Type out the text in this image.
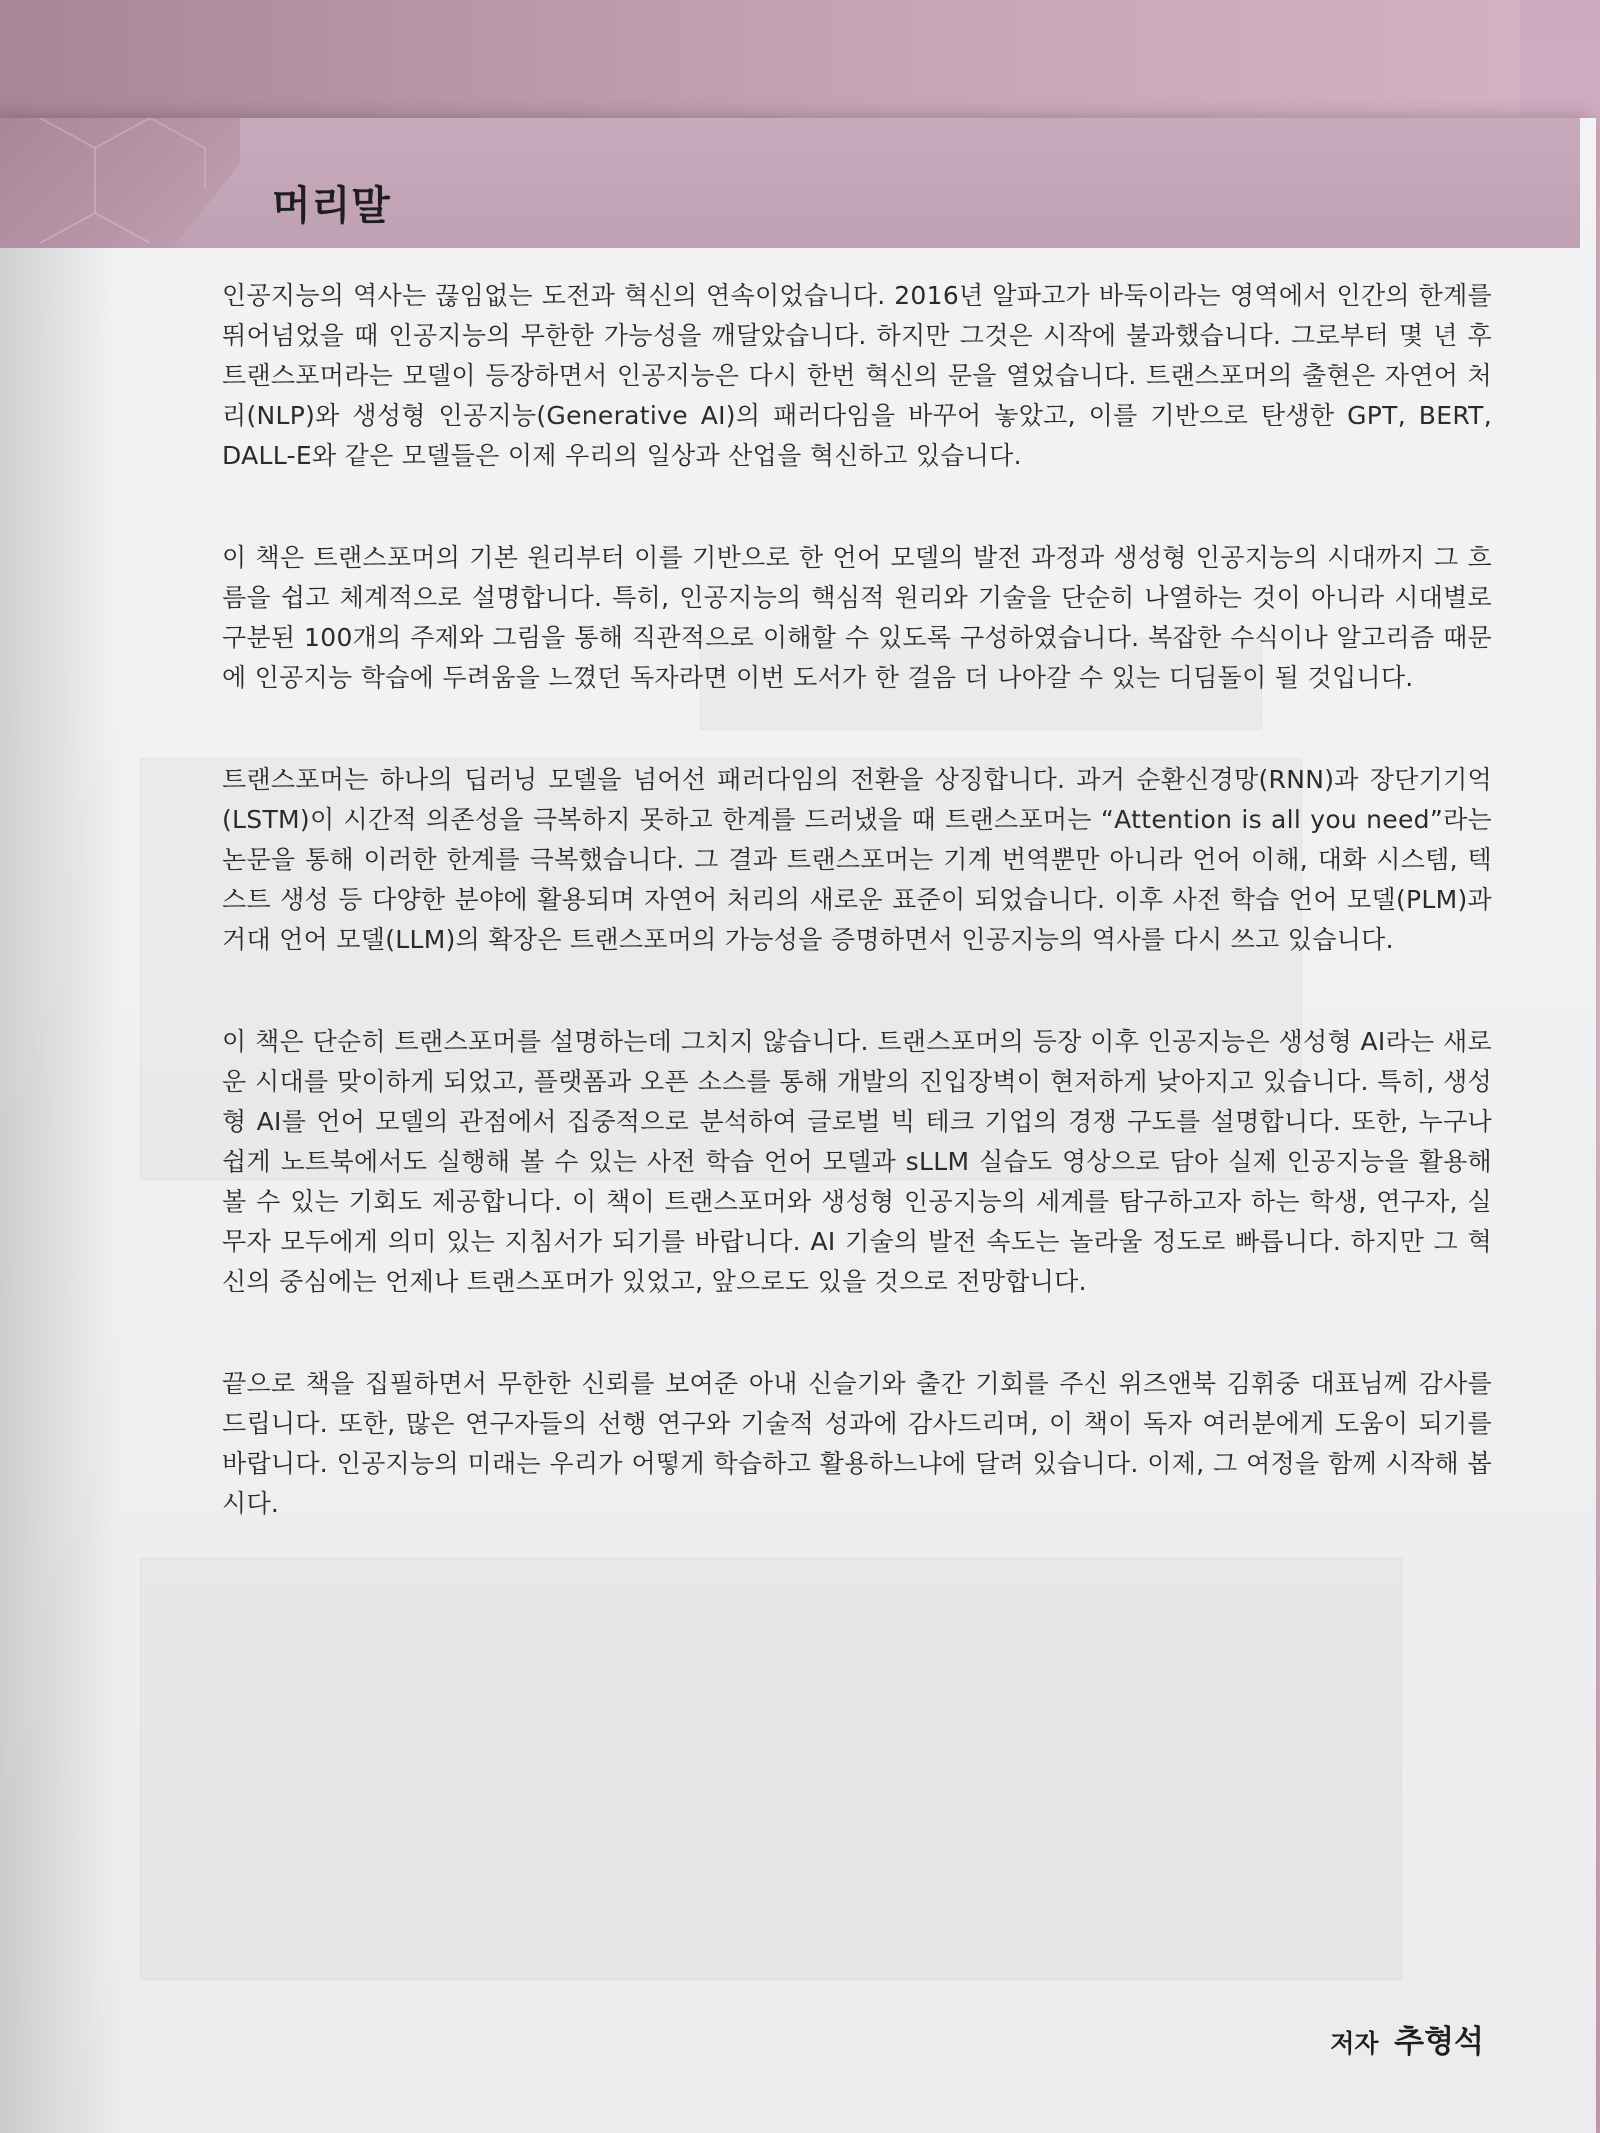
머리말

인공지능의 역사는 끊임없는 도전과 혁신의 연속이었습니다. 2016년 알파고가 바둑이라는 영역에서 인간의 한계를 뛰어넘었을 때 인공지능의 무한한 가능성을 깨달았습니다. 하지만 그것은 시작에 불과했습니다. 그로부터 몇 년 후 트랜스포머라는 모델이 등장하면서 인공지능은 다시 한번 혁신의 문을 열었습니다. 트랜스포머의 출현은 자연어 처리(NLP)와 생성형 인공지능(Generative AI)의 패러다임을 바꾸어 놓았고, 이를 기반으로 탄생한 GPT, BERT, DALL-E와 같은 모델들은 이제 우리의 일상과 산업을 혁신하고 있습니다.

이 책은 트랜스포머의 기본 원리부터 이를 기반으로 한 언어 모델의 발전 과정과 생성형 인공지능의 시대까지 그 흐름을 쉽고 체계적으로 설명합니다. 특히, 인공지능의 핵심적 원리와 기술을 단순히 나열하는 것이 아니라 시대별로 구분된 100개의 주제와 그림을 통해 직관적으로 이해할 수 있도록 구성하였습니다. 복잡한 수식이나 알고리즘 때문에 인공지능 학습에 두려움을 느꼈던 독자라면 이번 도서가 한 걸음 더 나아갈 수 있는 디딤돌이 될 것입니다.

트랜스포머는 하나의 딥러닝 모델을 넘어선 패러다임의 전환을 상징합니다. 과거 순환신경망(RNN)과 장단기기억(LSTM)이 시간적 의존성을 극복하지 못하고 한계를 드러냈을 때 트랜스포머는 “Attention is all you need”라는 논문을 통해 이러한 한계를 극복했습니다. 그 결과 트랜스포머는 기계 번역뿐만 아니라 언어 이해, 대화 시스템, 텍스트 생성 등 다양한 분야에 활용되며 자연어 처리의 새로운 표준이 되었습니다. 이후 사전 학습 언어 모델(PLM)과 거대 언어 모델(LLM)의 확장은 트랜스포머의 가능성을 증명하면서 인공지능의 역사를 다시 쓰고 있습니다.

이 책은 단순히 트랜스포머를 설명하는데 그치지 않습니다. 트랜스포머의 등장 이후 인공지능은 생성형 AI라는 새로운 시대를 맞이하게 되었고, 플랫폼과 오픈 소스를 통해 개발의 진입장벽이 현저하게 낮아지고 있습니다. 특히, 생성형 AI를 언어 모델의 관점에서 집중적으로 분석하여 글로벌 빅 테크 기업의 경쟁 구도를 설명합니다. 또한, 누구나 쉽게 노트북에서도 실행해 볼 수 있는 사전 학습 언어 모델과 sLLM 실습도 영상으로 담아 실제 인공지능을 활용해 볼 수 있는 기회도 제공합니다. 이 책이 트랜스포머와 생성형 인공지능의 세계를 탐구하고자 하는 학생, 연구자, 실무자 모두에게 의미 있는 지침서가 되기를 바랍니다. AI 기술의 발전 속도는 놀라울 정도로 빠릅니다. 하지만 그 혁신의 중심에는 언제나 트랜스포머가 있었고, 앞으로도 있을 것으로 전망합니다.

끝으로 책을 집필하면서 무한한 신뢰를 보여준 아내 신슬기와 출간 기회를 주신 위즈앤북 김휘중 대표님께 감사를 드립니다. 또한, 많은 연구자들의 선행 연구와 기술적 성과에 감사드리며, 이 책이 독자 여러분에게 도움이 되기를 바랍니다. 인공지능의 미래는 우리가 어떻게 학습하고 활용하느냐에 달려 있습니다. 이제, 그 여정을 함께 시작해 봅시다.

저자 추형석
